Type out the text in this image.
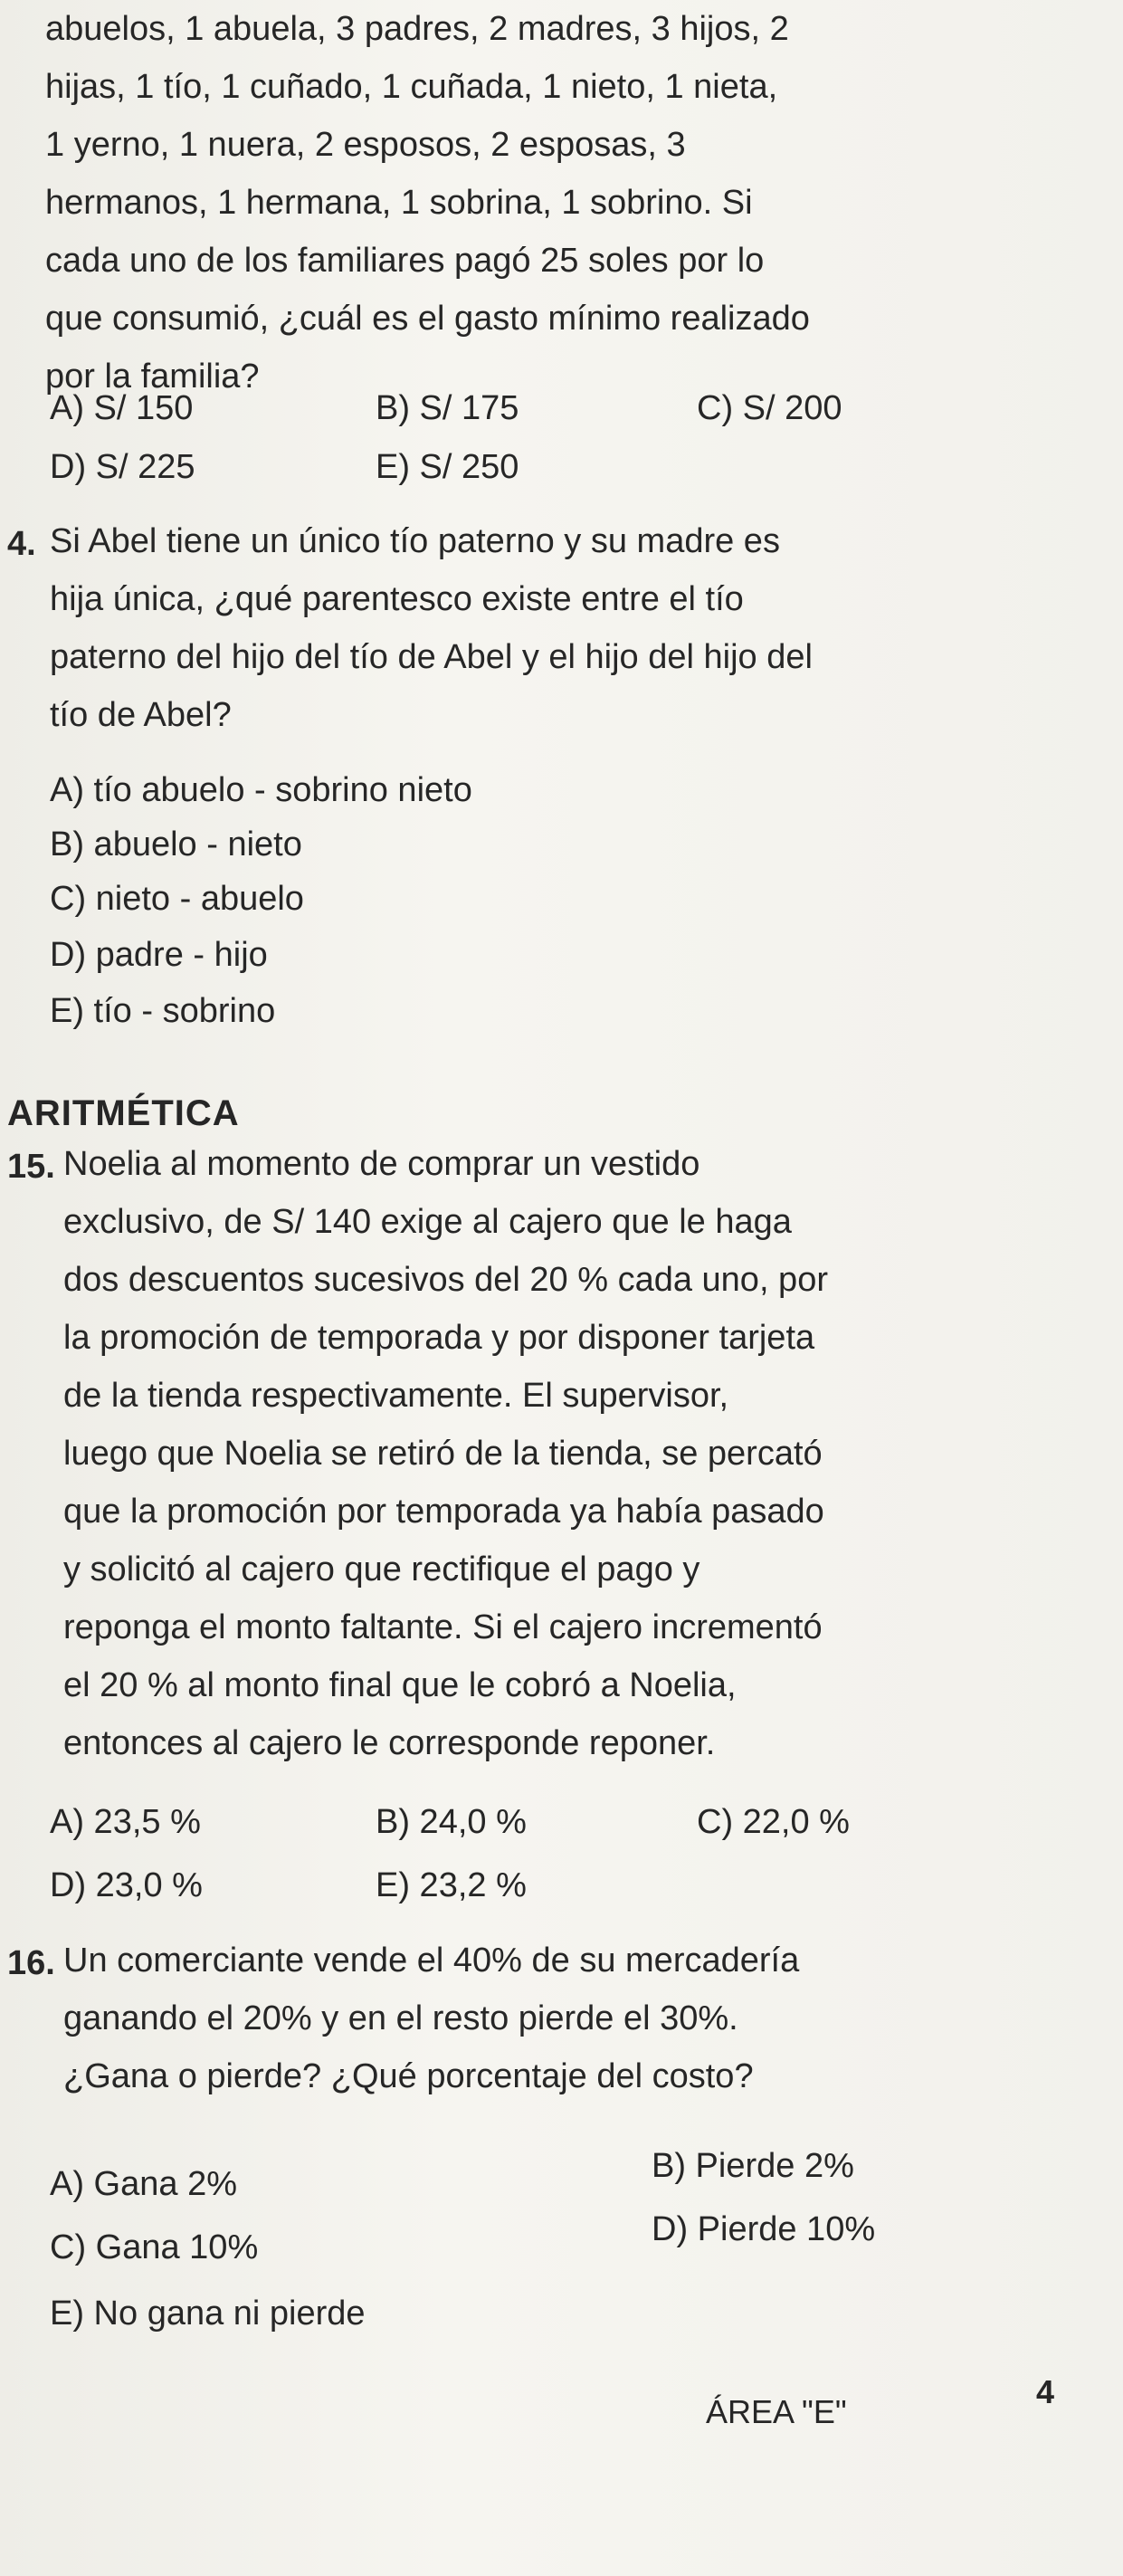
abuelos, 1 abuela, 3 padres, 2 madres, 3 hijos, 2
hijas, 1 tío, 1 cuñado, 1 cuñada, 1 nieto, 1 nieta,
1 yerno, 1 nuera, 2 esposos, 2 esposas, 3
hermanos, 1 hermana, 1 sobrina, 1 sobrino. Si
cada uno de los familiares pagó 25 soles por lo
que consumió, ¿cuál es el gasto mínimo realizado
por la familia?
A) S/ 150	B) S/ 175	C) S/ 200
D) S/ 225	E) S/ 250
4. Si Abel tiene un único tío paterno y su madre es
hija única, ¿qué parentesco existe entre el tío
paterno del hijo del tío de Abel y el hijo del hijo del
tío de Abel?
A) tío abuelo - sobrino nieto
B) abuelo - nieto
C) nieto - abuelo
D) padre - hijo
E) tío - sobrino
ARITMÉTICA
15. Noelia al momento de comprar un vestido
exclusivo, de S/ 140 exige al cajero que le haga
dos descuentos sucesivos del 20 % cada uno, por
la promoción de temporada y por disponer tarjeta
de la tienda respectivamente. El supervisor,
luego que Noelia se retiró de la tienda, se percató
que la promoción por temporada ya había pasado
y solicitó al cajero que rectifique el pago y
reponga el monto faltante. Si el cajero incrementó
el 20 % al monto final que le cobró a Noelia,
entonces al cajero le corresponde reponer.
A) 23,5 %	B) 24,0 %	C) 22,0 %
D) 23,0 %	E) 23,2 %
16. Un comerciante vende el 40% de su mercadería
ganando el 20% y en el resto pierde el 30%.
¿Gana o pierde? ¿Qué porcentaje del costo?
B) Pierde 2%
A) Gana 2%
D) Pierde 10%
C) Gana 10%
E) No gana ni pierde
ÁREA "E"
4
